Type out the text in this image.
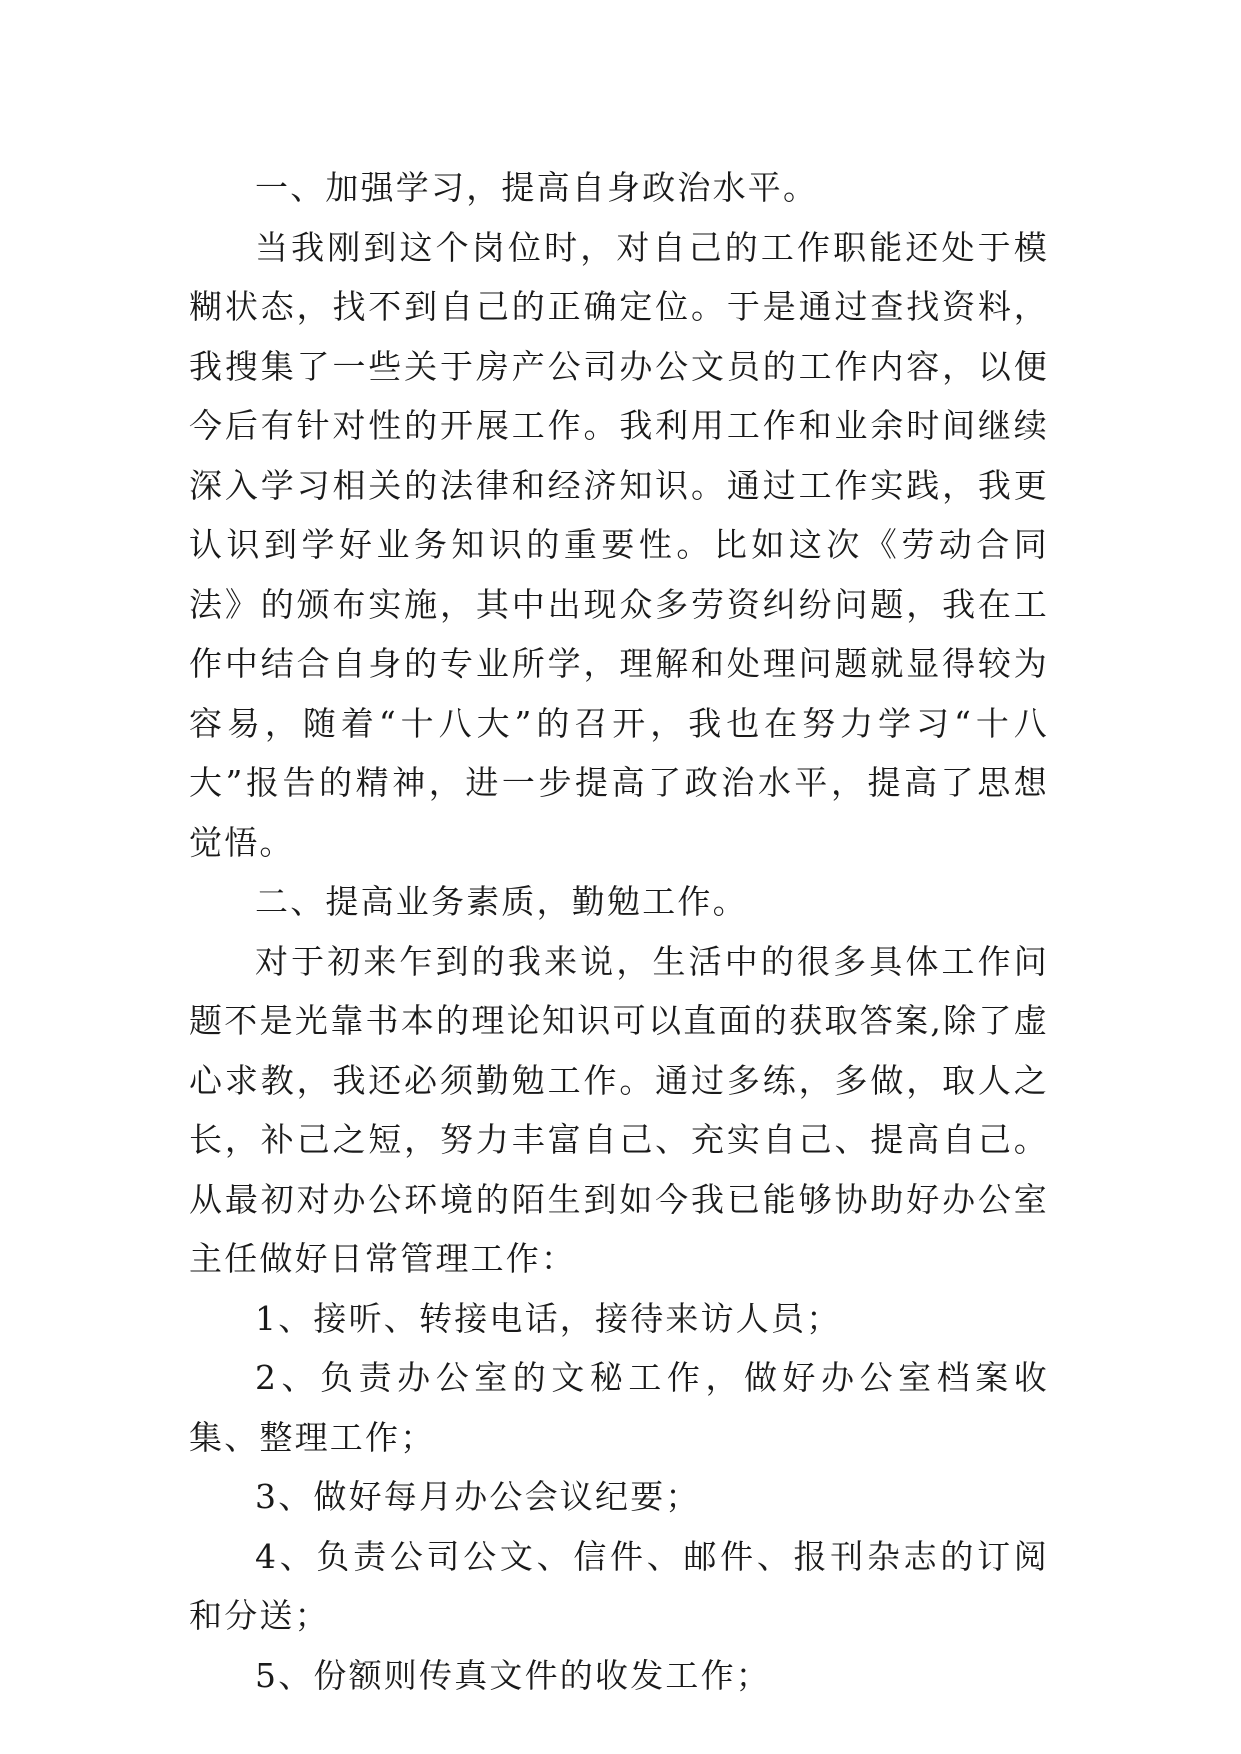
一、加强学习，提高自身政治水平。

当我刚到这个岗位时，对自己的工作职能还处于模糊状态，找不到自己的正确定位。于是通过查找资料，我搜集了一些关于房产公司办公文员的工作内容，以便今后有针对性的开展工作。我利用工作和业余时间继续深入学习相关的法律和经济知识。通过工作实践，我更认识到学好业务知识的重要性。比如这次《劳动合同法》的颁布实施，其中出现众多劳资纠纷问题，我在工作中结合自身的专业所学，理解和处理问题就显得较为容易，随着“十八大”的召开，我也在努力学习“十八大”报告的精神，进一步提高了政治水平，提高了思想觉悟。

二、提高业务素质，勤勉工作。

对于初来乍到的我来说，生活中的很多具体工作问题不是光靠书本的理论知识可以直面的获取答案,除了虚心求教，我还必须勤勉工作。通过多练，多做，取人之长，补己之短，努力丰富自己、充实自己、提高自己。从最初对办公环境的陌生到如今我已能够协助好办公室主任做好日常管理工作：

1、接听、转接电话，接待来访人员；

2、负责办公室的文秘工作，做好办公室档案收集、整理工作；

3、做好每月办公会议纪要；

4、负责公司公文、信件、邮件、报刊杂志的订阅和分送；

5、份额则传真文件的收发工作；
